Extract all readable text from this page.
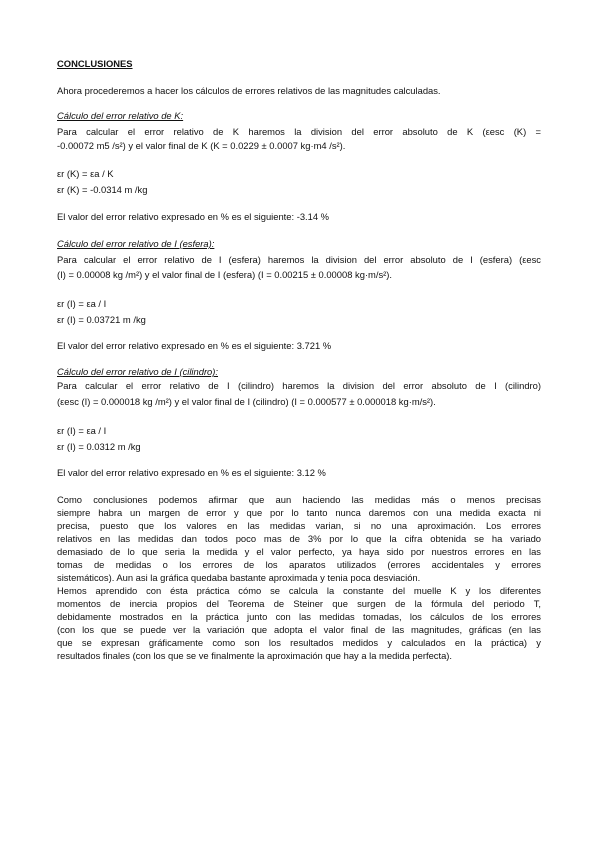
CONCLUSIONES
Ahora procederemos a hacer los cálculos de errores relativos de las magnitudes calculadas.
Cálculo del error relativo de K:
Para calcular el error relativo de K haremos la division del error absoluto de K (εesc (K) =
-0.00072 m5 /s²) y el valor final de K (K = 0.0229 ± 0.0007 kg·m4 /s²).
εr (K) = εa / K
εr (K) = -0.0314 m /kg
El valor del error relativo expresado en % es el siguiente: -3.14 %
Cálculo del error relativo de I (esfera):
Para calcular el error relativo de I (esfera) haremos la division del error absoluto de I (esfera) (εesc
(I) = 0.00008 kg /m²) y el valor final de I (esfera) (I = 0.00215 ± 0.00008 kg·m/s²).
εr (I) = εa / I
εr (I) = 0.03721 m /kg
El valor del error relativo expresado en % es el siguiente: 3.721 %
Cálculo del error relativo de I (cilindro):
Para calcular el error relativo de I (cilindro) haremos la division del error absoluto de I (cilindro)
(εesc (I) = 0.000018 kg /m²) y el valor final de I (cilindro) (I = 0.000577 ± 0.000018 kg·m/s²).
εr (I) = εa / I
εr (I) = 0.0312 m /kg
El valor del error relativo expresado en % es el siguiente: 3.12 %
Como conclusiones podemos afirmar que aun haciendo las medidas más o menos precisas
siempre habra un margen de error y que por lo tanto nunca daremos con una medida exacta ni
precisa, puesto que los valores en las medidas varian, si no una aproximación. Los errores
relativos en las medidas dan todos poco mas de 3% por lo que la cifra obtenida se ha variado
demasiado de lo que seria la medida y el valor perfecto, ya haya sido por nuestros errores en las
tomas de medidas o los errores de los aparatos utilizados (errores accidentales y errores
sistemáticos). Aun asi la gráfica quedaba bastante aproximada y tenia poca desviación.
Hemos aprendido con ésta práctica cómo se calcula la constante del muelle K y los diferentes
momentos de inercia propios del Teorema de Steiner que surgen de la fórmula del periodo T,
debidamente mostrados en la práctica junto con las medidas tomadas, los cálculos de los errores
(con los que se puede ver la variación que adopta el valor final de las magnitudes, gráficas (en las
que se expresan gráficamente como son los resultados medidos y calculados en la práctica) y
resultados finales (con los que se ve finalmente la aproximación que hay a la medida perfecta).
